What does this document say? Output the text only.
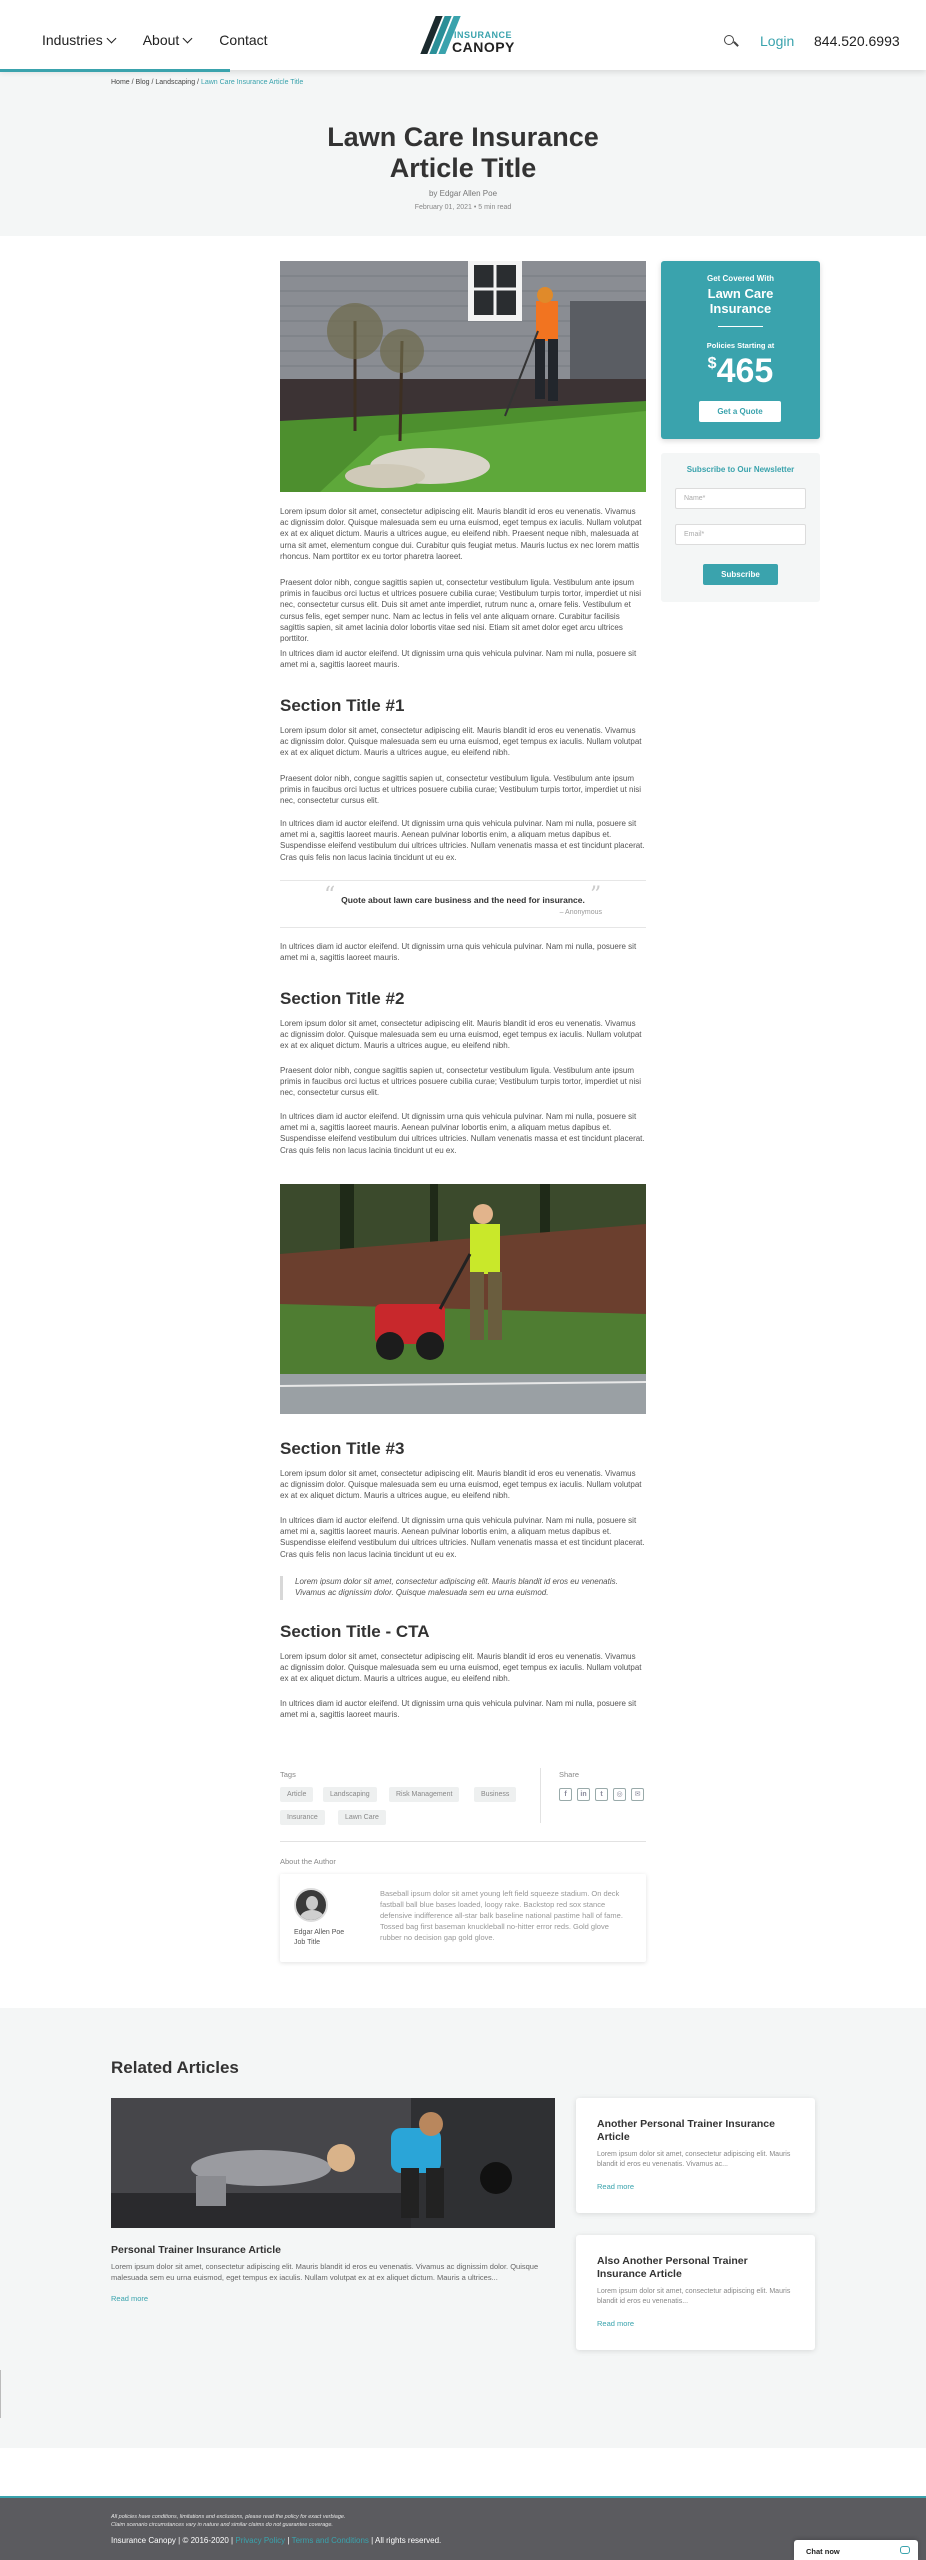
Industries	About	Contact	INSURANCE
CANOPY	Login 844.520.6993
Home / Blog / Landscaping / Lawn Care Insurance Article Title
Lawn Care Insurance
Article Title
by Edgar Allen Poe
February 01, 2021 • 5 min read
Lorem ipsum dolor sit amet, consectetur adipiscing elit. Mauris blandit id eros eu venenatis. Vivamus ac dignissim dolor. Quisque malesuada sem eu urna euismod, eget tempus ex iaculis. Nullam volutpat ex at ex aliquet dictum. Mauris a ultrices augue, eu eleifend nibh. Praesent neque nibh, malesuada at urna sit amet, elementum congue dui. Curabitur quis feugiat metus. Mauris luctus ex nec lorem mattis rhoncus. Nam porttitor ex eu tortor pharetra laoreet.
Praesent dolor nibh, congue sagittis sapien ut, consectetur vestibulum ligula. Vestibulum ante ipsum primis in faucibus orci luctus et ultrices posuere cubilia curae; Vestibulum turpis tortor, imperdiet ut nisi nec, consectetur cursus elit. Duis sit amet ante imperdiet, rutrum nunc a, ornare felis. Vestibulum et cursus felis, eget semper nunc. Nam ac lectus in felis vel ante aliquam ornare. Curabitur facilisis sagittis sapien, sit amet lacinia dolor lobortis vitae sed nisi. Etiam sit amet dolor eget arcu ultrices porttitor.
In ultrices diam id auctor eleifend. Ut dignissim urna quis vehicula pulvinar. Nam mi nulla, posuere sit amet mi a, sagittis laoreet mauris.
Section Title #1
Lorem ipsum dolor sit amet, consectetur adipiscing elit. Mauris blandit id eros eu venenatis. Vivamus ac dignissim dolor. Quisque malesuada sem eu urna euismod, eget tempus ex iaculis. Nullam volutpat ex at ex aliquet dictum. Mauris a ultrices augue, eu eleifend nibh.
Praesent dolor nibh, congue sagittis sapien ut, consectetur vestibulum ligula. Vestibulum ante ipsum primis in faucibus orci luctus et ultrices posuere cubilia curae; Vestibulum turpis tortor, imperdiet ut nisi nec, consectetur cursus elit.
In ultrices diam id auctor eleifend. Ut dignissim urna quis vehicula pulvinar. Nam mi nulla, posuere sit amet mi a, sagittis laoreet mauris. Aenean pulvinar lobortis enim, a aliquam metus dapibus et. Suspendisse eleifend vestibulum dui ultrices ultricies. Nullam venenatis massa et est tincidunt placerat. Cras quis felis non lacus lacinia tincidunt ut eu ex.
“	”
Quote about lawn care business and the need for insurance.
– Anonymous
In ultrices diam id auctor eleifend. Ut dignissim urna quis vehicula pulvinar. Nam mi nulla, posuere sit amet mi a, sagittis laoreet mauris.
Section Title #2
Lorem ipsum dolor sit amet, consectetur adipiscing elit. Mauris blandit id eros eu venenatis. Vivamus ac dignissim dolor. Quisque malesuada sem eu urna euismod, eget tempus ex iaculis. Nullam volutpat ex at ex aliquet dictum. Mauris a ultrices augue, eu eleifend nibh.
Praesent dolor nibh, congue sagittis sapien ut, consectetur vestibulum ligula. Vestibulum ante ipsum primis in faucibus orci luctus et ultrices posuere cubilia curae; Vestibulum turpis tortor, imperdiet ut nisi nec, consectetur cursus elit.
In ultrices diam id auctor eleifend. Ut dignissim urna quis vehicula pulvinar. Nam mi nulla, posuere sit amet mi a, sagittis laoreet mauris. Aenean pulvinar lobortis enim, a aliquam metus dapibus et. Suspendisse eleifend vestibulum dui ultrices ultricies. Nullam venenatis massa et est tincidunt placerat. Cras quis felis non lacus lacinia tincidunt ut eu ex.
Section Title #3
Lorem ipsum dolor sit amet, consectetur adipiscing elit. Mauris blandit id eros eu venenatis. Vivamus ac dignissim dolor. Quisque malesuada sem eu urna euismod, eget tempus ex iaculis. Nullam volutpat ex at ex aliquet dictum. Mauris a ultrices augue, eu eleifend nibh.
In ultrices diam id auctor eleifend. Ut dignissim urna quis vehicula pulvinar. Nam mi nulla, posuere sit amet mi a, sagittis laoreet mauris. Aenean pulvinar lobortis enim, a aliquam metus dapibus et. Suspendisse eleifend vestibulum dui ultrices ultricies. Nullam venenatis massa et est tincidunt placerat. Cras quis felis non lacus lacinia tincidunt ut eu ex.
Lorem ipsum dolor sit amet, consectetur adipiscing elit. Mauris blandit id eros eu venenatis. Vivamus ac dignissim dolor. Quisque malesuada sem eu urna euismod.
Section Title - CTA
Lorem ipsum dolor sit amet, consectetur adipiscing elit. Mauris blandit id eros eu venenatis. Vivamus ac dignissim dolor. Quisque malesuada sem eu urna euismod, eget tempus ex iaculis. Nullam volutpat ex at ex aliquet dictum. Mauris a ultrices augue, eu eleifend nibh.
In ultrices diam id auctor eleifend. Ut dignissim urna quis vehicula pulvinar. Nam mi nulla, posuere sit amet mi a, sagittis laoreet mauris.
Get Covered With
Lawn Care
Insurance
Policies Starting at
$465
Get a Quote
Subscribe to Our Newsletter
Name*
Email*
Subscribe
Tags
Article	Landscaping	Risk Management	Business
Insurance	Lawn Care
Share
f	in	t	◎	✉
About the Author
Edgar Allen Poe
Job Title
Baseball ipsum dolor sit amet young left field squeeze stadium. On deck fastball ball blue bases loaded, loogy rake. Backstop red sox stance defensive indifference all-star balk baseline national pastime hall of fame. Tossed bag first baseman knuckleball no-hitter error reds. Gold glove rubber no decision gap gold glove.
Related Articles
Personal Trainer Insurance Article
Lorem ipsum dolor sit amet, consectetur adipiscing elit. Mauris blandit id eros eu venenatis. Vivamus ac dignissim dolor. Quisque malesuada sem eu urna euismod, eget tempus ex iaculis. Nullam volutpat ex at ex aliquet dictum. Mauris a ultrices...
Read more
Another Personal Trainer Insurance Article
Lorem ipsum dolor sit amet, consectetur adipiscing elit. Mauris blandit id eros eu venenatis. Vivamus ac...
Read more
Also Another Personal Trainer Insurance Article
Lorem ipsum dolor sit amet, consectetur adipiscing elit. Mauris blandit id eros eu venenatis...
Read more
All policies have conditions, limitations and exclusions, please read the policy for exact verbiage.
Claim scenario circumstances vary in nature and similar claims do not guarantee coverage.
Insurance Canopy | © 2016-2020 | Privacy Policy | Terms and Conditions | All rights reserved.
Chat now
